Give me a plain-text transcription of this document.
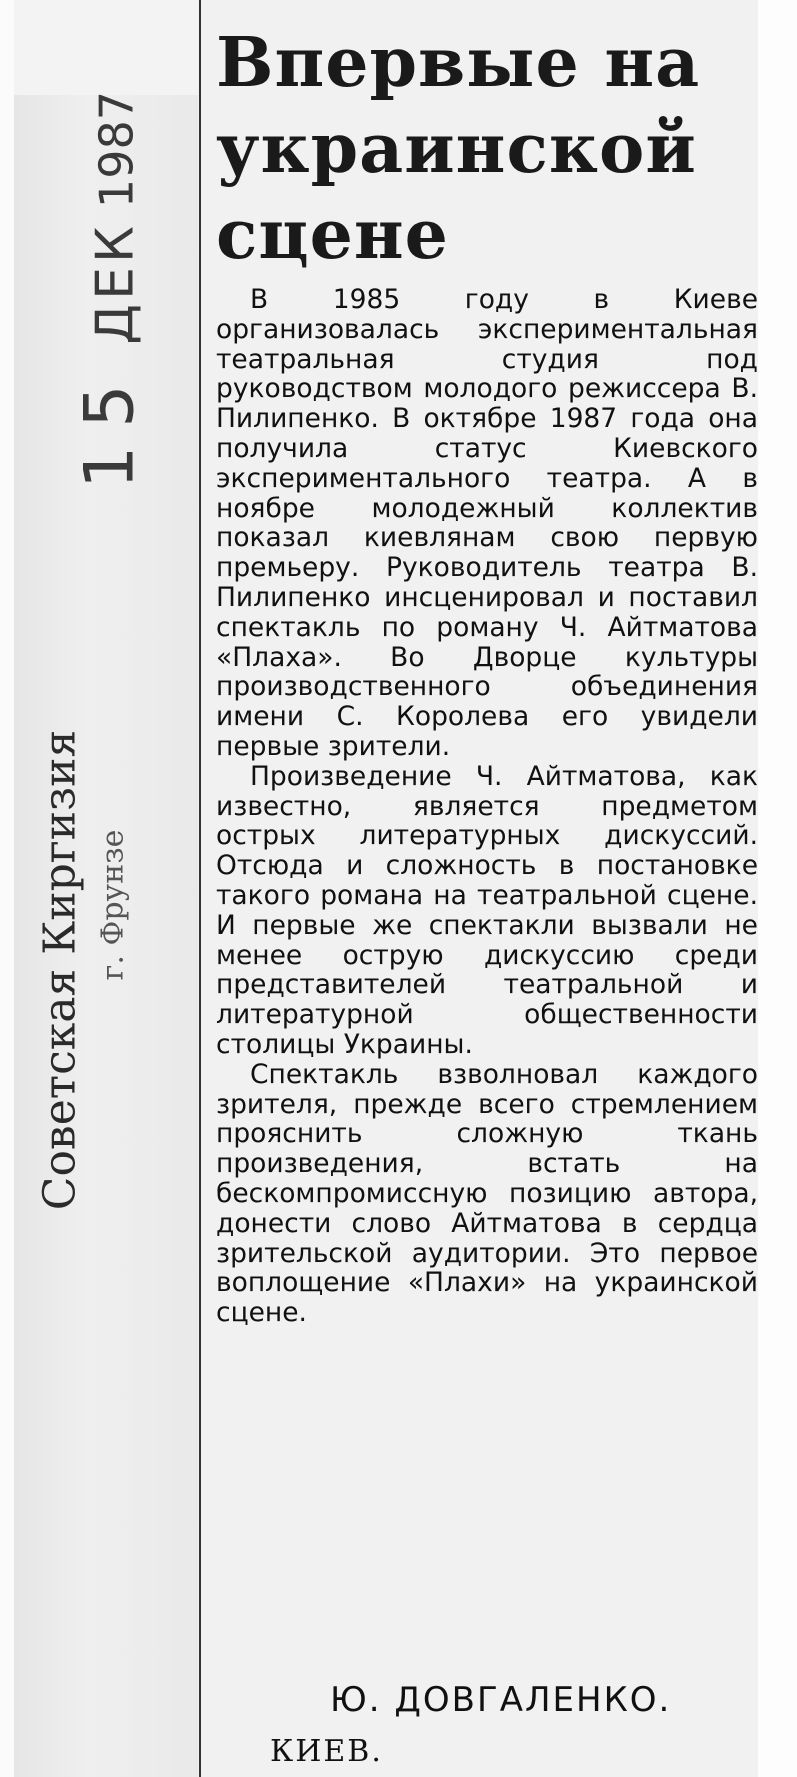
15ДЕК1987
Советская Киргизия г. Фрунзе
Впервые на украинской сцене

В 1985 году в Киеве организовалась экспериментальная театральная студия под руководством молодого режиссера В. Пилипенко. В октябре 1987 года она получила статус Киевского экспериментального театра. А в ноябре молодежный коллектив показал киевлянам свою первую премьеру. Руководитель театра В. Пилипенко инсценировал и поставил спектакль по роману Ч. Айтматова «Плаха». Во Дворце культуры производственного объединения имени С. Королева его увидели первые зрители.

Произведение Ч. Айтматова, как известно, является предметом острых литературных дискуссий. Отсюда и сложность в постановке такого романа на театральной сцене. И первые же спектакли вызвали не менее острую дискуссию среди представителей театральной и литературной общественности столицы Украины.

Спектакль взволновал каждого зрителя, прежде всего стремлением прояснить сложную ткань произведения, встать на бескомпромиссную позицию автора, донести слово Айтматова в сердца зрительской аудитории. Это первое воплощение «Плахи» на украинской сцене.

Ю. ДОВГАЛЕНКО.

КИЕВ.
